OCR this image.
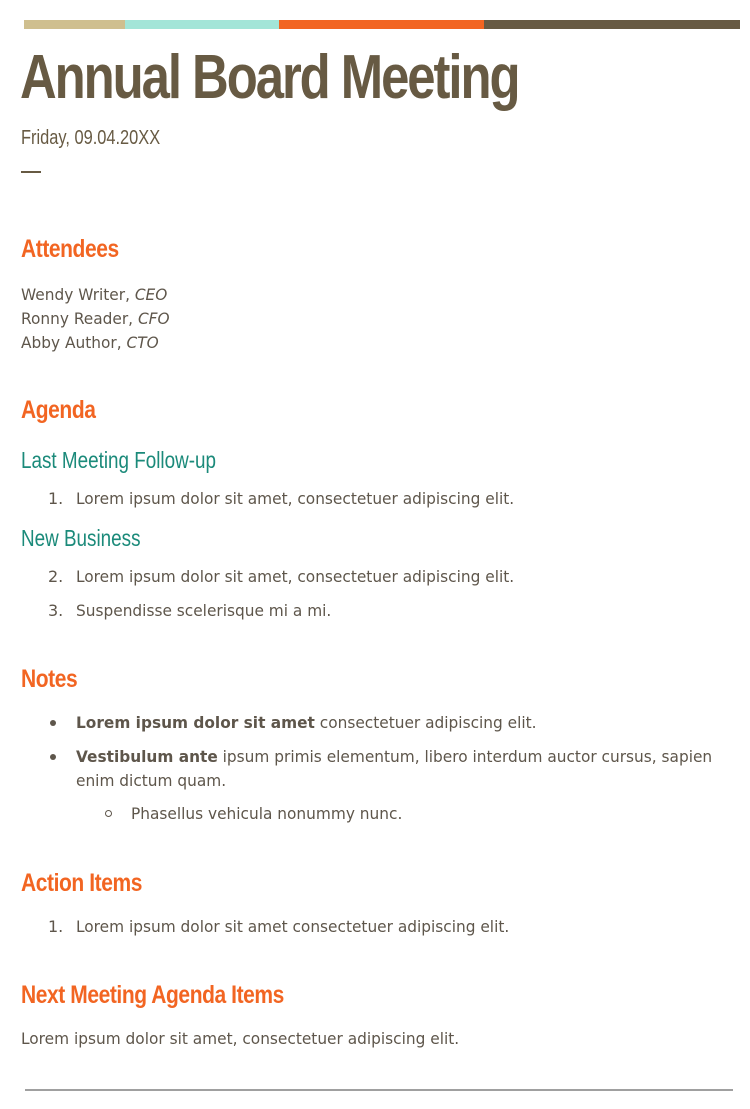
Annual Board Meeting
Friday, 09.04.20XX
Attendees
Wendy Writer, CEO
Ronny Reader, CFO
Abby Author, CTO
Agenda
Last Meeting Follow-up
1. Lorem ipsum dolor sit amet, consectetuer adipiscing elit.
New Business
2. Lorem ipsum dolor sit amet, consectetuer adipiscing elit.
3. Suspendisse scelerisque mi a mi.
Notes
Lorem ipsum dolor sit amet consectetuer adipiscing elit.
Vestibulum ante ipsum primis elementum, libero interdum auctor cursus, sapien
enim dictum quam.
Phasellus vehicula nonummy nunc.
Action Items
1. Lorem ipsum dolor sit amet consectetuer adipiscing elit.
Next Meeting Agenda Items
Lorem ipsum dolor sit amet, consectetuer adipiscing elit.
